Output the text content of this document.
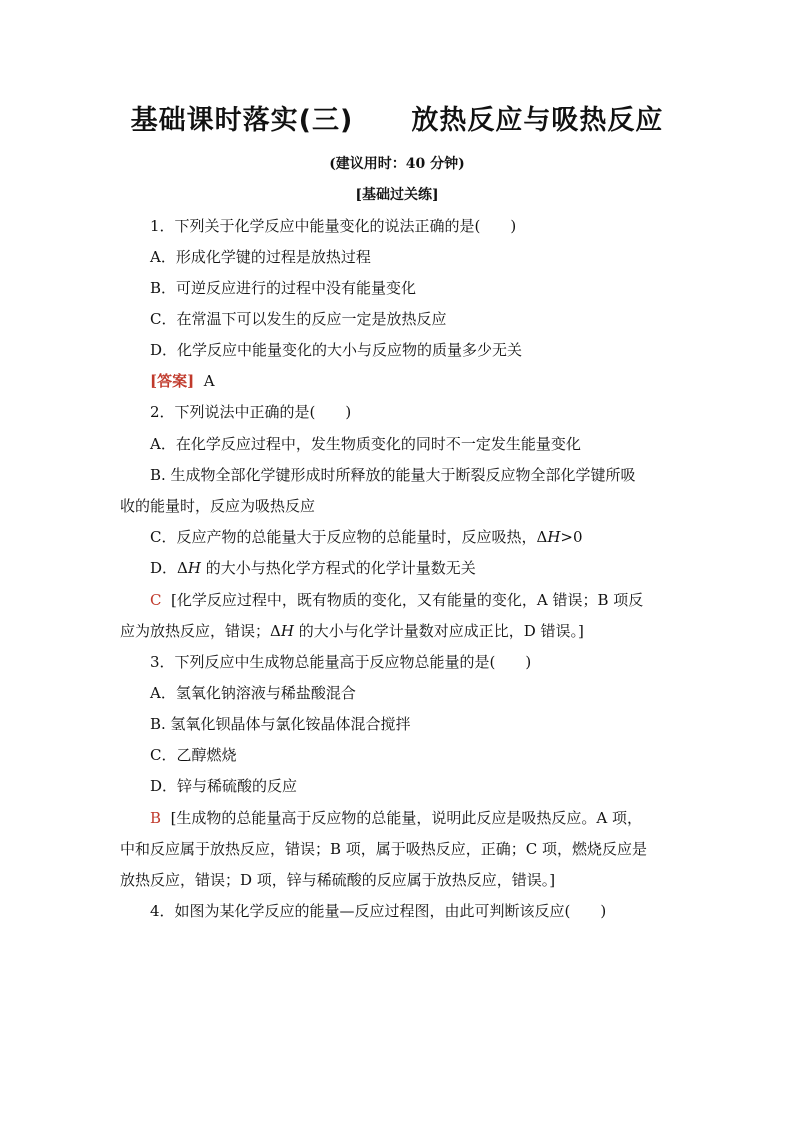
基础课时落实(三) 放热反应与吸热反应
(建议用时：40 分钟)
[基础过关练]
1．下列关于化学反应中能量变化的说法正确的是(　　)
A．形成化学键的过程是放热过程
B．可逆反应进行的过程中没有能量变化
C．在常温下可以发生的反应一定是放热反应
D．化学反应中能量变化的大小与反应物的质量多少无关
[答案] A
2．下列说法中正确的是(　　)
A．在化学反应过程中，发生物质变化的同时不一定发生能量变化
B. 生成物全部化学键形成时所释放的能量大于断裂反应物全部化学键所吸
收的能量时，反应为吸热反应
C．反应产物的总能量大于反应物的总能量时，反应吸热，ΔH>0
D．ΔH 的大小与热化学方程式的化学计量数无关
C [化学反应过程中，既有物质的变化，又有能量的变化，A 错误；B 项反
应为放热反应，错误；ΔH 的大小与化学计量数对应成正比，D 错误。]
3．下列反应中生成物总能量高于反应物总能量的是(　　)
A．氢氧化钠溶液与稀盐酸混合
B. 氢氧化钡晶体与氯化铵晶体混合搅拌
C．乙醇燃烧
D．锌与稀硫酸的反应
B [生成物的总能量高于反应物的总能量，说明此反应是吸热反应。A 项，
中和反应属于放热反应，错误；B 项，属于吸热反应，正确；C 项，燃烧反应是
放热反应，错误；D 项，锌与稀硫酸的反应属于放热反应，错误。]
4．如图为某化学反应的能量—反应过程图，由此可判断该反应(　　)
